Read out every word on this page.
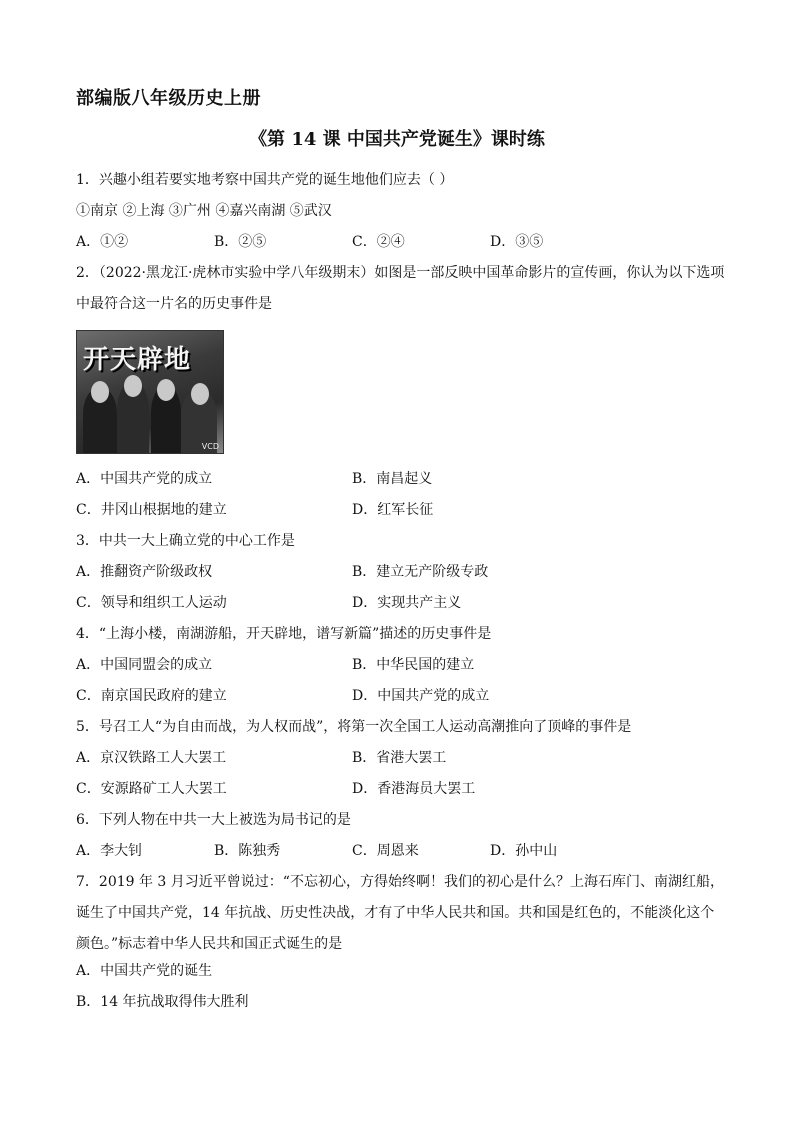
部编版八年级历史上册
《第 14 课 中国共产党诞生》课时练
1．兴趣小组若要实地考察中国共产党的诞生地他们应去（ ）
①南京 ②上海 ③广州 ④嘉兴南湖 ⑤武汉
A．①②	B．②⑤	C．②④	D．③⑤
2．（2022·黑龙江·虎林市实验中学八年级期末）如图是一部反映中国革命影片的宣传画，你认为以下选项
中最符合这一片名的历史事件是
开天辟地
VCD
A．中国共产党的成立	B．南昌起义
C．井冈山根据地的建立	D．红军长征
3．中共一大上确立党的中心工作是
A．推翻资产阶级政权	B．建立无产阶级专政
C．领导和组织工人运动	D．实现共产主义
4．“上海小楼，南湖游船，开天辟地，谱写新篇”描述的历史事件是
A．中国同盟会的成立	B．中华民国的建立
C．南京国民政府的建立	D．中国共产党的成立
5．号召工人“为自由而战，为人权而战”，将第一次全国工人运动高潮推向了顶峰的事件是
A．京汉铁路工人大罢工	B．省港大罢工
C．安源路矿工人大罢工	D．香港海员大罢工
6．下列人物在中共一大上被选为局书记的是
A．李大钊	B．陈独秀	C．周恩来	D．孙中山
7．2019 年 3 月习近平曾说过：“不忘初心，方得始终啊！我们的初心是什么？上海石库门、南湖红船，诞生了中国共产党，14 年抗战、历史性决战，才有了中华人民共和国。共和国是红色的，不能淡化这个颜色。”标志着中华人民共和国正式诞生的是
A．中国共产党的诞生
B．14 年抗战取得伟大胜利
